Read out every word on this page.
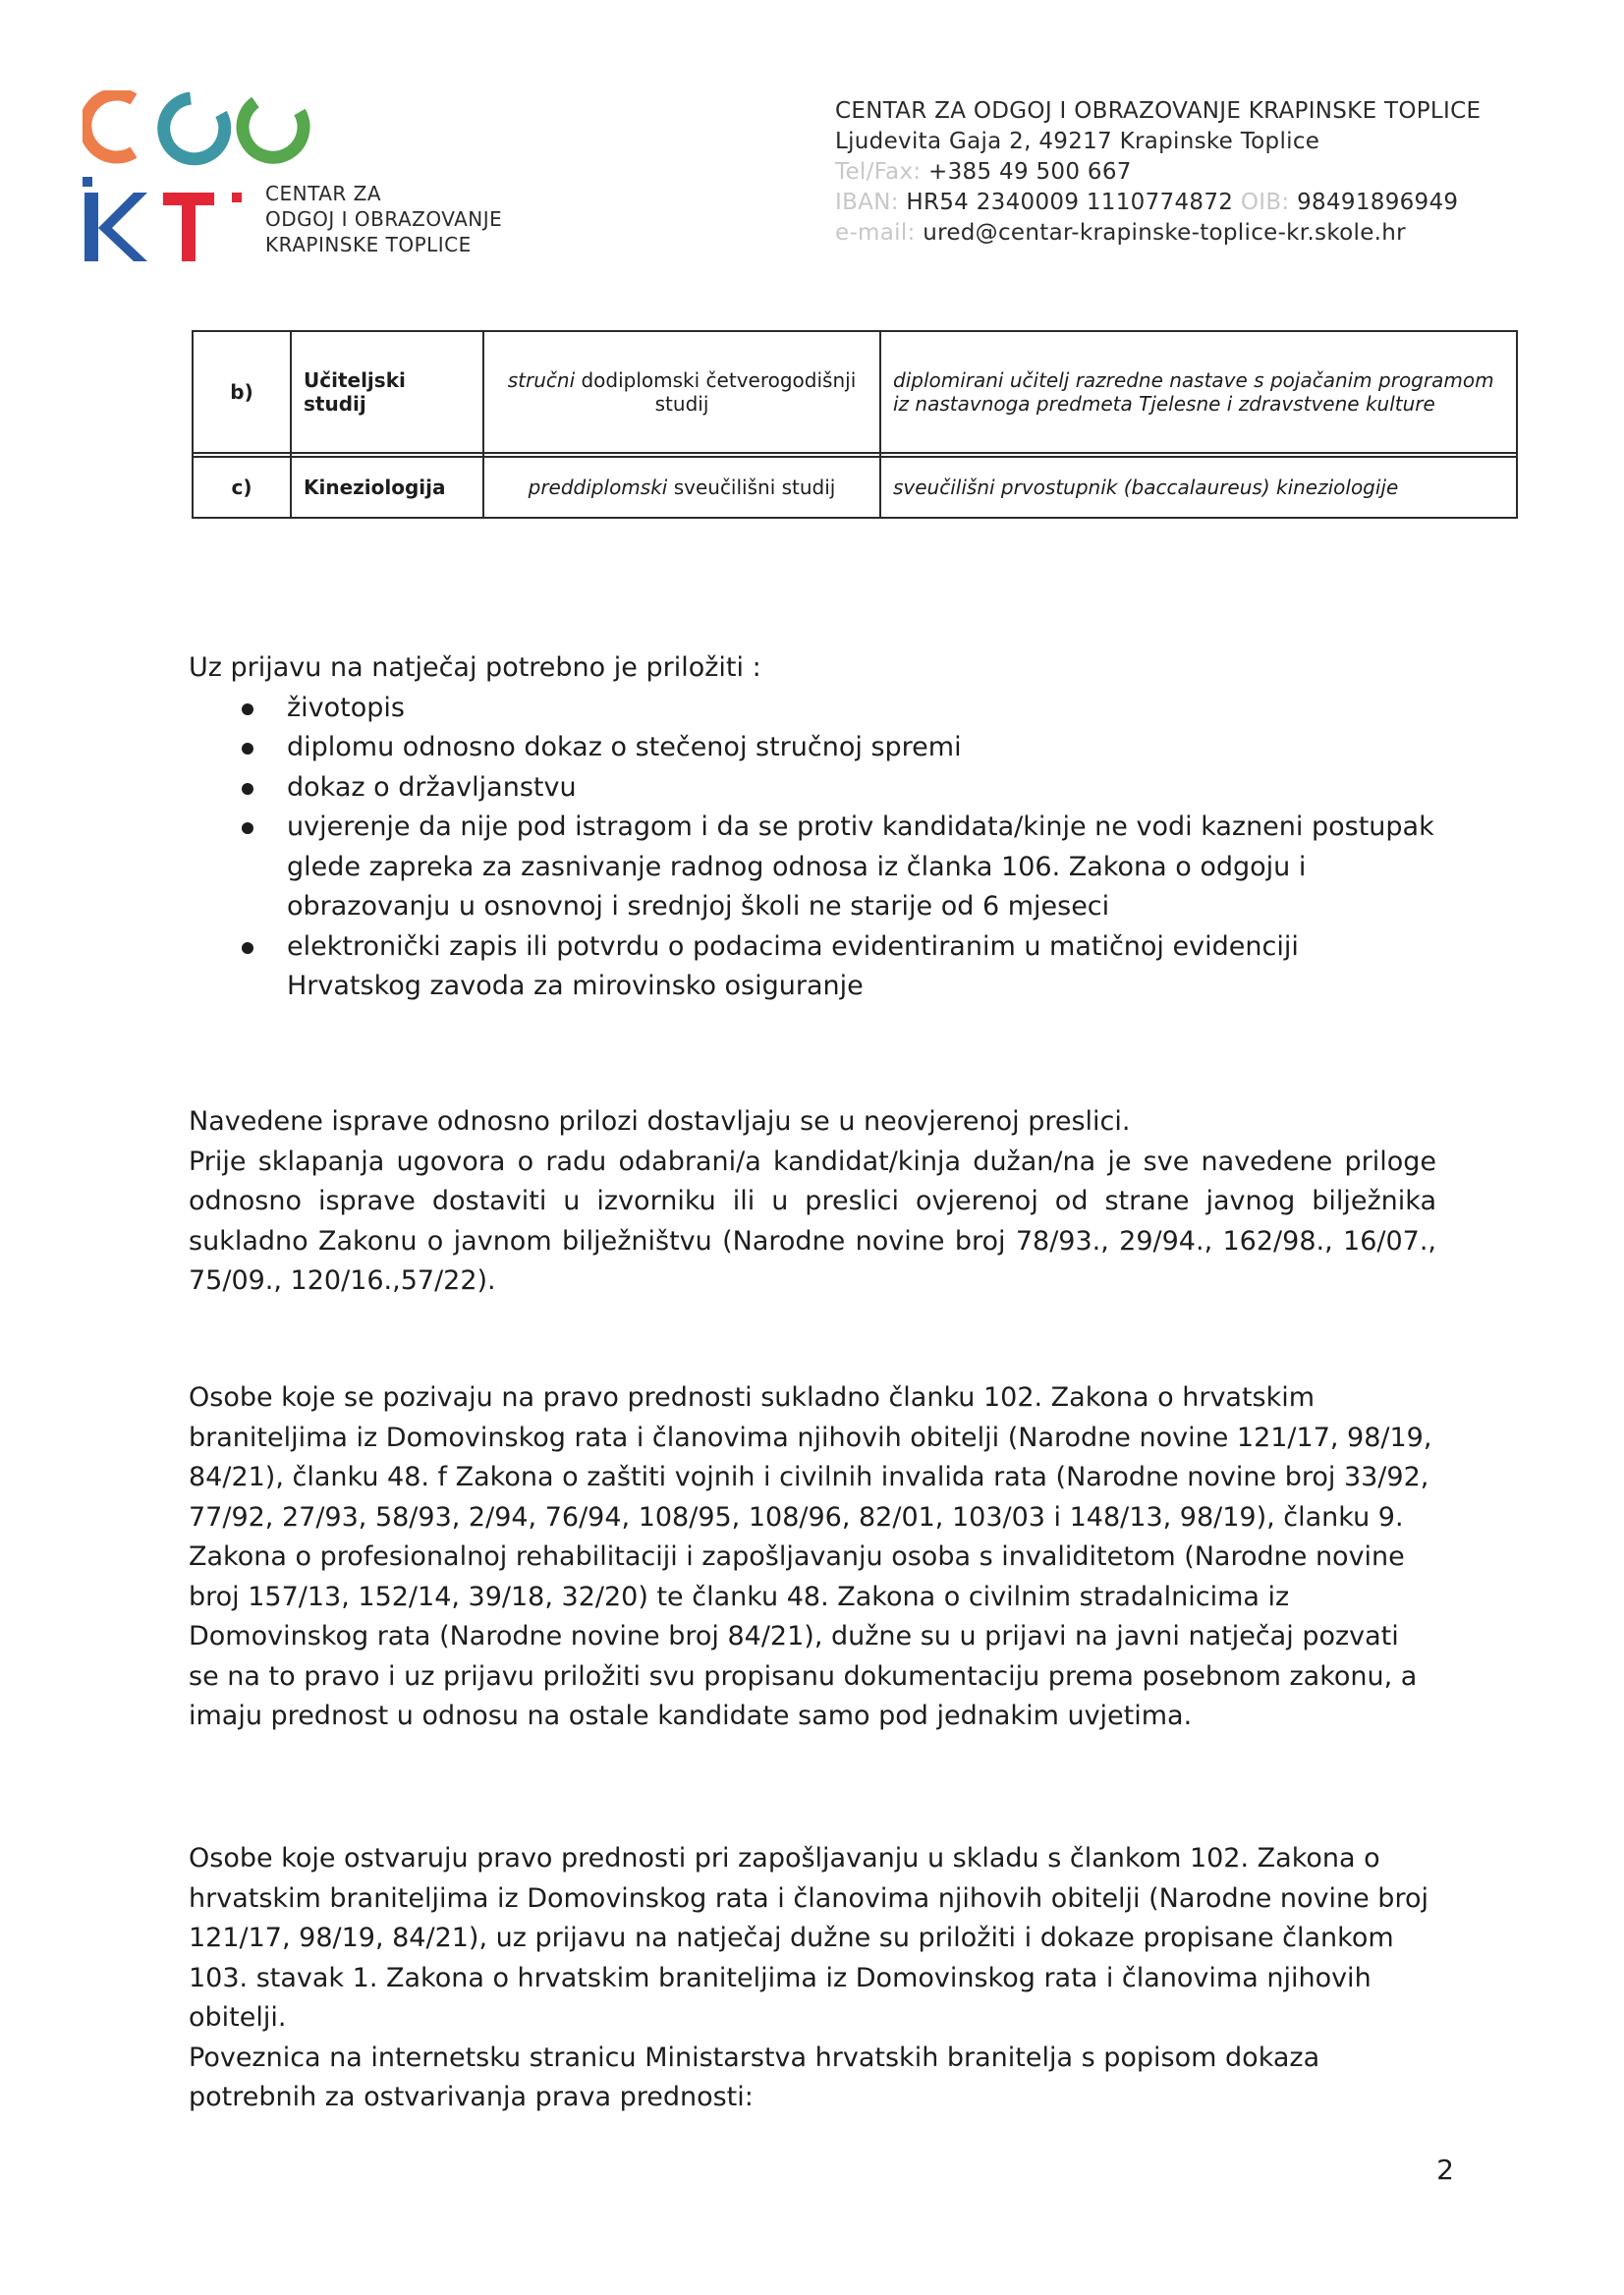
CENTAR ZA
ODGOJ I OBRAZOVANJE
KRAPINSKE TOPLICE
CENTAR ZA ODGOJ I OBRAZOVANJE KRAPINSKE TOPLICE
Ljudevita Gaja 2, 49217 Krapinske Toplice
Tel/Fax: +385 49 500 667
IBAN: HR54 2340009 1110774872 OIB: 98491896949
e-mail: ured@centar-krapinske-toplice-kr.skole.hr
b)	Učiteljski studij	stručni dodiplomski četverogodišnji studij	diplomirani učitelj razredne nastave s pojačanim programom iz nastavnoga predmeta Tjelesne i zdravstvene kulture

c)	Kineziologija	preddiplomski sveučilišni studij	sveučilišni prvostupnik (baccalaureus) kineziologije
Uz prijavu na natječaj potrebno je priložiti :
životopis
diplomu odnosno dokaz o stečenoj stručnoj spremi
dokaz o državljanstvu
uvjerenje da nije pod istragom i da se protiv kandidata/kinje ne vodi kazneni postupak glede zapreka za zasnivanje radnog odnosa iz članka 106. Zakona o odgoju i obrazovanju u osnovnoj i srednjoj školi ne starije od 6 mjeseci
elektronički zapis ili potvrdu o podacima evidentiranim u matičnoj evidenciji Hrvatskog zavoda za mirovinsko osiguranje
Navedene isprave odnosno prilozi dostavljaju se u neovjerenoj preslici.
Prije sklapanja ugovora o radu odabrani/a kandidat/kinja dužan/na je sve navedene priloge odnosno isprave dostaviti u izvorniku ili u preslici ovjerenoj od strane javnog bilježnika sukladno Zakonu o javnom bilježništvu (Narodne novine broj 78/93., 29/94., 162/98., 16/07., 75/09., 120/16.,57/22).
Osobe koje se pozivaju na pravo prednosti sukladno članku 102. Zakona o hrvatskim braniteljima iz Domovinskog rata i članovima njihovih obitelji (Narodne novine 121/17, 98/19, 84/21), članku 48. f Zakona o zaštiti vojnih i civilnih invalida rata (Narodne novine broj 33/92, 77/92, 27/93, 58/93, 2/94, 76/94, 108/95, 108/96, 82/01, 103/03 i 148/13, 98/19), članku 9. Zakona o profesionalnoj rehabilitaciji i zapošljavanju osoba s invaliditetom (Narodne novine broj 157/13, 152/14, 39/18, 32/20) te članku 48. Zakona o civilnim stradalnicima iz Domovinskog rata (Narodne novine broj 84/21), dužne su u prijavi na javni natječaj pozvati se na to pravo i uz prijavu priložiti svu propisanu dokumentaciju prema posebnom zakonu, a imaju prednost u odnosu na ostale kandidate samo pod jednakim uvjetima.
Osobe koje ostvaruju pravo prednosti pri zapošljavanju u skladu s člankom 102. Zakona o hrvatskim braniteljima iz Domovinskog rata i članovima njihovih obitelji (Narodne novine broj 121/17, 98/19, 84/21), uz prijavu na natječaj dužne su priložiti i dokaze propisane člankom 103. stavak 1. Zakona o hrvatskim braniteljima iz Domovinskog rata i članovima njihovih obitelji.
Poveznica na internetsku stranicu Ministarstva hrvatskih branitelja s popisom dokaza potrebnih za ostvarivanja prava prednosti:
2
